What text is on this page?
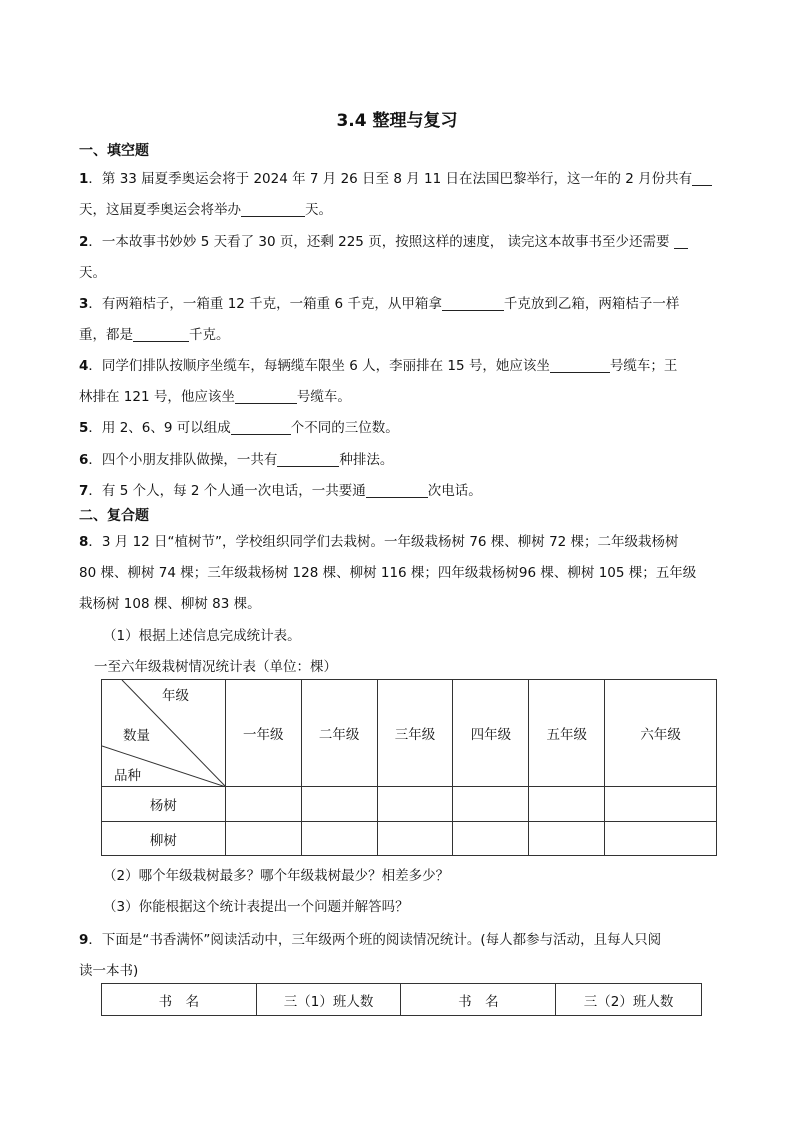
3.4 整理与复习
一、填空题
1．第 33 届夏季奥运会将于 2024 年 7 月 26 日至 8 月 11 日在法国巴黎举行，这一年的 2 月份共有
天，这届夏季奥运会将举办	天。
2．一本故事书妙妙 5 天看了 30 页，还剩 225 页，按照这样的速度， 读完这本故事书至少还需要
天。
3．有两箱桔子，一箱重 12 千克，一箱重 6 千克，从甲箱拿	千克放到乙箱，两箱桔子一样
重，都是	千克。
4．同学们排队按顺序坐缆车，每辆缆车限坐 6 人，李丽排在 15 号，她应该坐	号缆车；王
林排在 121 号，他应该坐	号缆车。
5．用 2、6、9 可以组成	个不同的三位数。
6．四个小朋友排队做操，一共有	种排法。
7．有 5 个人，每 2 个人通一次电话，一共要通	次电话。
二、复合题
8．3 月 12 日“植树节”，学校组织同学们去栽树。一年级栽杨树 76 棵、柳树 72 棵；二年级栽杨树
80 棵、柳树 74 棵；三年级栽杨树 128 棵、柳树 116 棵；四年级栽杨树96 棵、柳树 105 棵；五年级
栽杨树 108 棵、柳树 83 棵。
（1）根据上述信息完成统计表。
一至六年级栽树情况统计表（单位：棵）
年级
数量
品种	一年级	二年级	三年级	四年级	五年级	六年级
杨树						
柳树						
（2）哪个年级栽树最多？哪个年级栽树最少？相差多少？
（3）你能根据这个统计表提出一个问题并解答吗？
9．下面是“书香满怀”阅读活动中，三年级两个班的阅读情况统计。(每人都参与活动，且每人只阅
读一本书)
书　名	三（1）班人数	书　名	三（2）班人数
